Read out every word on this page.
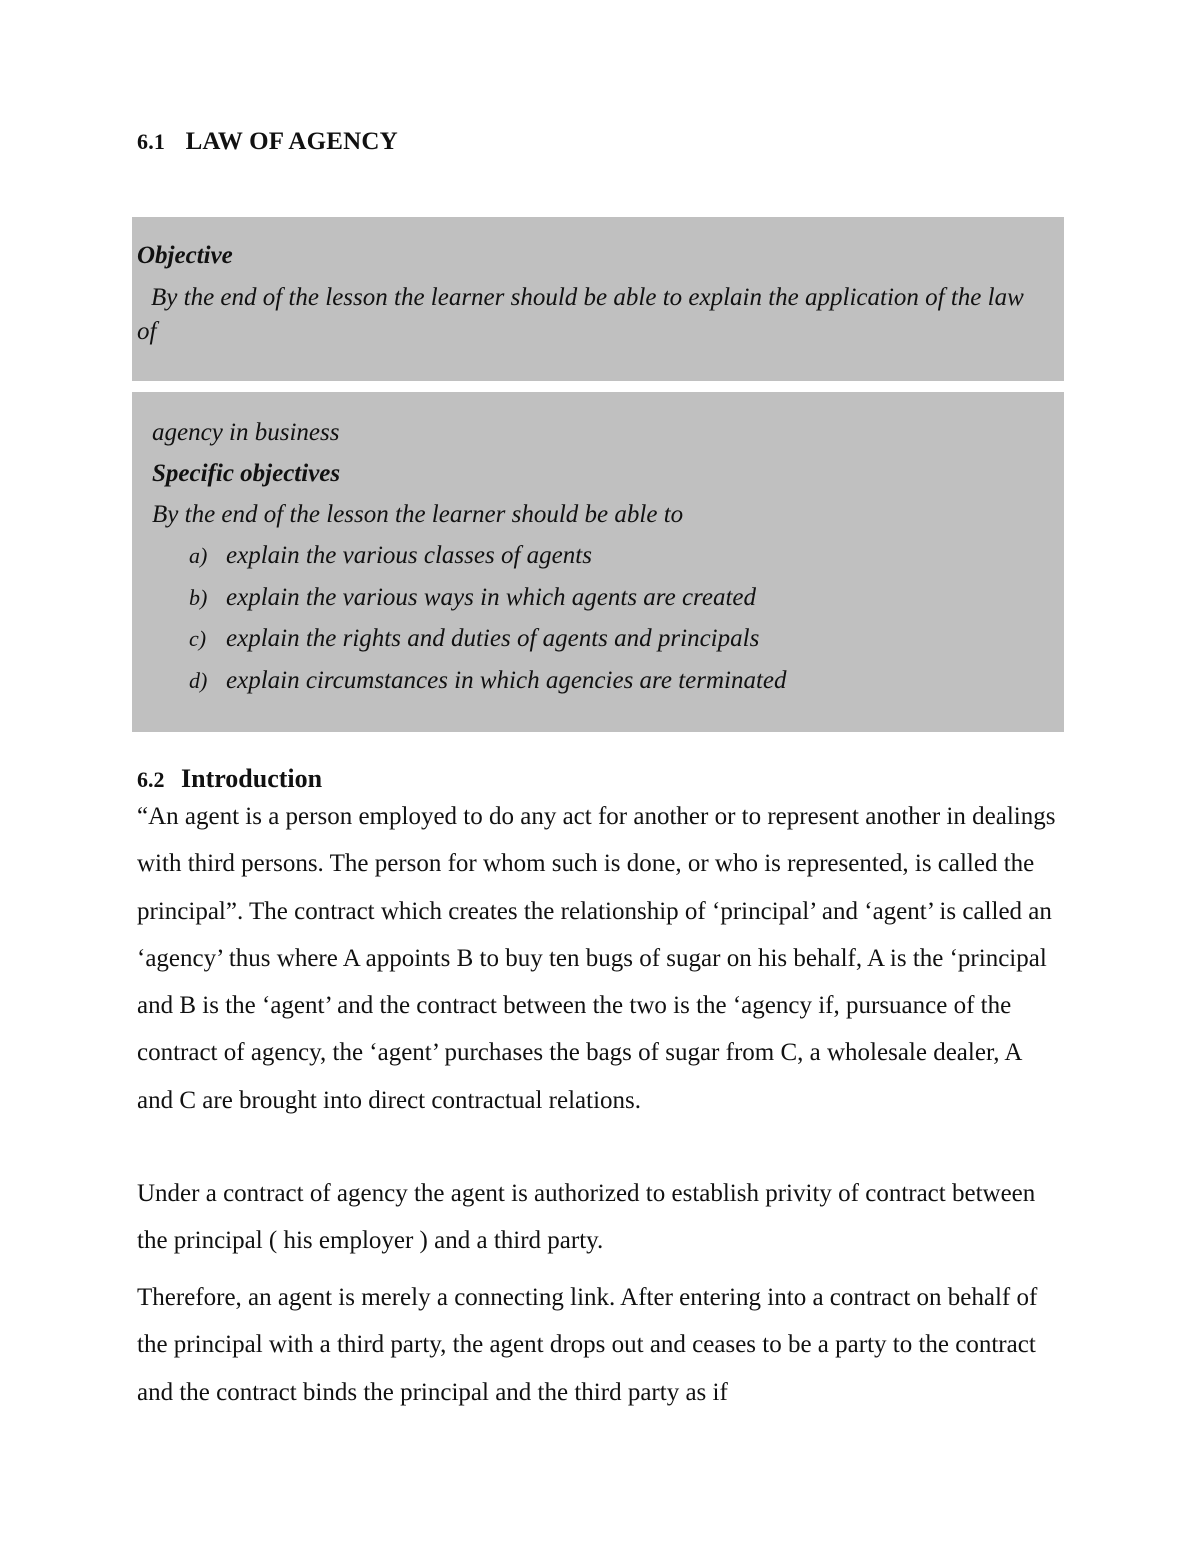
6.1 LAW OF AGENCY
Objective
By the end of the lesson the learner should be able to explain the application of the law of
agency in business
Specific objectives
By the end of the lesson the learner should be able to
a) explain the various classes of agents
b) explain the various ways in which agents are created
c) explain the rights and duties of agents and principals
d) explain circumstances in which agencies are terminated
6.2 Introduction

“An agent is a person employed to do any act for another or to represent another in dealings with third persons. The person for whom such is done, or who is represented, is called the principal”. The contract which creates the relationship of ‘principal’ and ‘agent’ is called an ‘agency’ thus where A appoints B to buy ten bugs of sugar on his behalf, A is the ‘principal and B is the ‘agent’ and the contract between the two is the ‘agency if, pursuance of the contract of agency, the ‘agent’ purchases the bags of sugar from C, a wholesale dealer, A and C are brought into direct contractual relations.

Under a contract of agency the agent is authorized to establish privity of contract between the principal ( his employer ) and a third party.

Therefore, an agent is merely a connecting link. After entering into a contract on behalf of the principal with a third party, the agent drops out and ceases to be a party to the contract and the contract binds the principal and the third party as if
